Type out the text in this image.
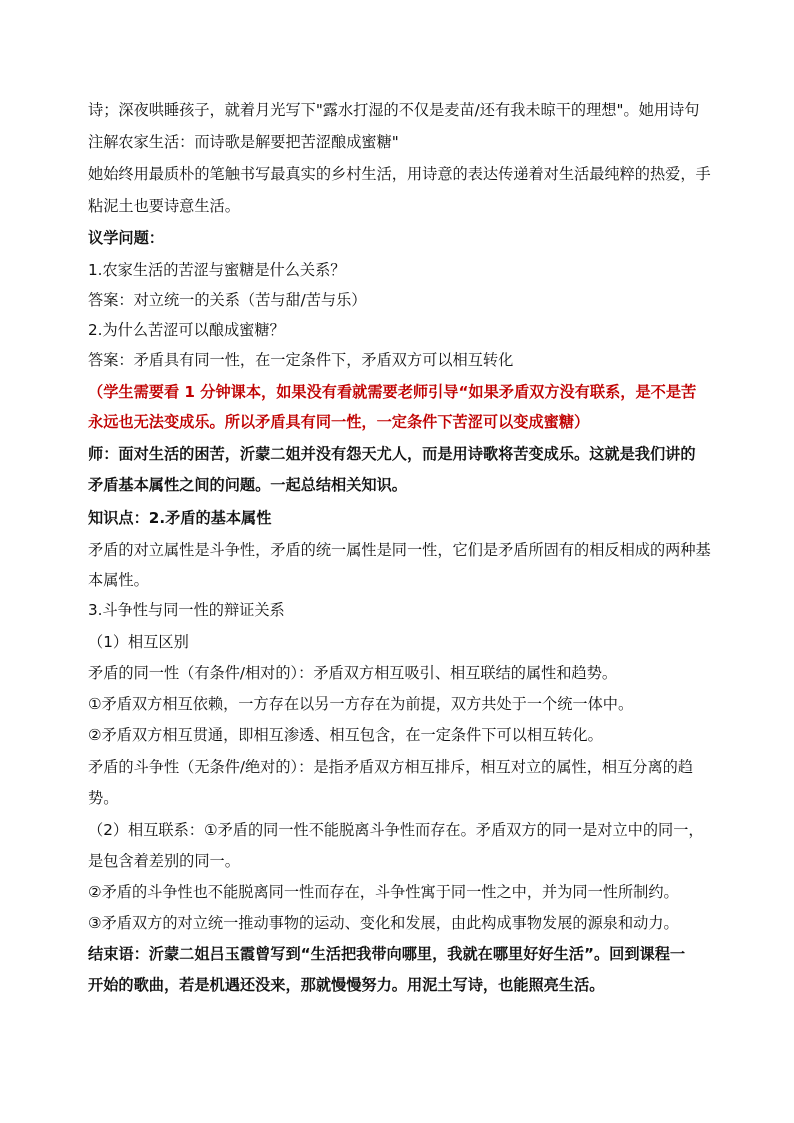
诗；深夜哄睡孩子，就着月光写下"露水打湿的不仅是麦苗/还有我未晾干的理想"。她用诗句
注解农家生活：而诗歌是解要把苦涩酿成蜜糖"
她始终用最质朴的笔触书写最真实的乡村生活，用诗意的表达传递着对生活最纯粹的热爱，手
粘泥土也要诗意生活。
议学问题：
1.农家生活的苦涩与蜜糖是什么关系？
答案：对立统一的关系（苦与甜/苦与乐）
2.为什么苦涩可以酿成蜜糖？
答案：矛盾具有同一性，在一定条件下，矛盾双方可以相互转化
（学生需要看 1 分钟课本，如果没有看就需要老师引导“如果矛盾双方没有联系，是不是苦
永远也无法变成乐。所以矛盾具有同一性，一定条件下苦涩可以变成蜜糖）
师：面对生活的困苦，沂蒙二姐并没有怨天尤人，而是用诗歌将苦变成乐。这就是我们讲的
矛盾基本属性之间的问题。一起总结相关知识。
知识点：2.矛盾的基本属性
矛盾的对立属性是斗争性，矛盾的统一属性是同一性，它们是矛盾所固有的相反相成的两种基
本属性。
3.斗争性与同一性的辩证关系
（1）相互区别
矛盾的同一性（有条件/相对的）：矛盾双方相互吸引、相互联结的属性和趋势。
①矛盾双方相互依赖，一方存在以另一方存在为前提，双方共处于一个统一体中。
②矛盾双方相互贯通，即相互渗透、相互包含，在一定条件下可以相互转化。
矛盾的斗争性（无条件/绝对的）：是指矛盾双方相互排斥，相互对立的属性，相互分离的趋
势。
（2）相互联系：①矛盾的同一性不能脱离斗争性而存在。矛盾双方的同一是对立中的同一，
是包含着差别的同一。
②矛盾的斗争性也不能脱离同一性而存在，斗争性寓于同一性之中，并为同一性所制约。
③矛盾双方的对立统一推动事物的运动、变化和发展，由此构成事物发展的源泉和动力。
结束语：沂蒙二姐吕玉霞曾写到“生活把我带向哪里，我就在哪里好好生活”。回到课程一
开始的歌曲，若是机遇还没来，那就慢慢努力。用泥土写诗，也能照亮生活。
